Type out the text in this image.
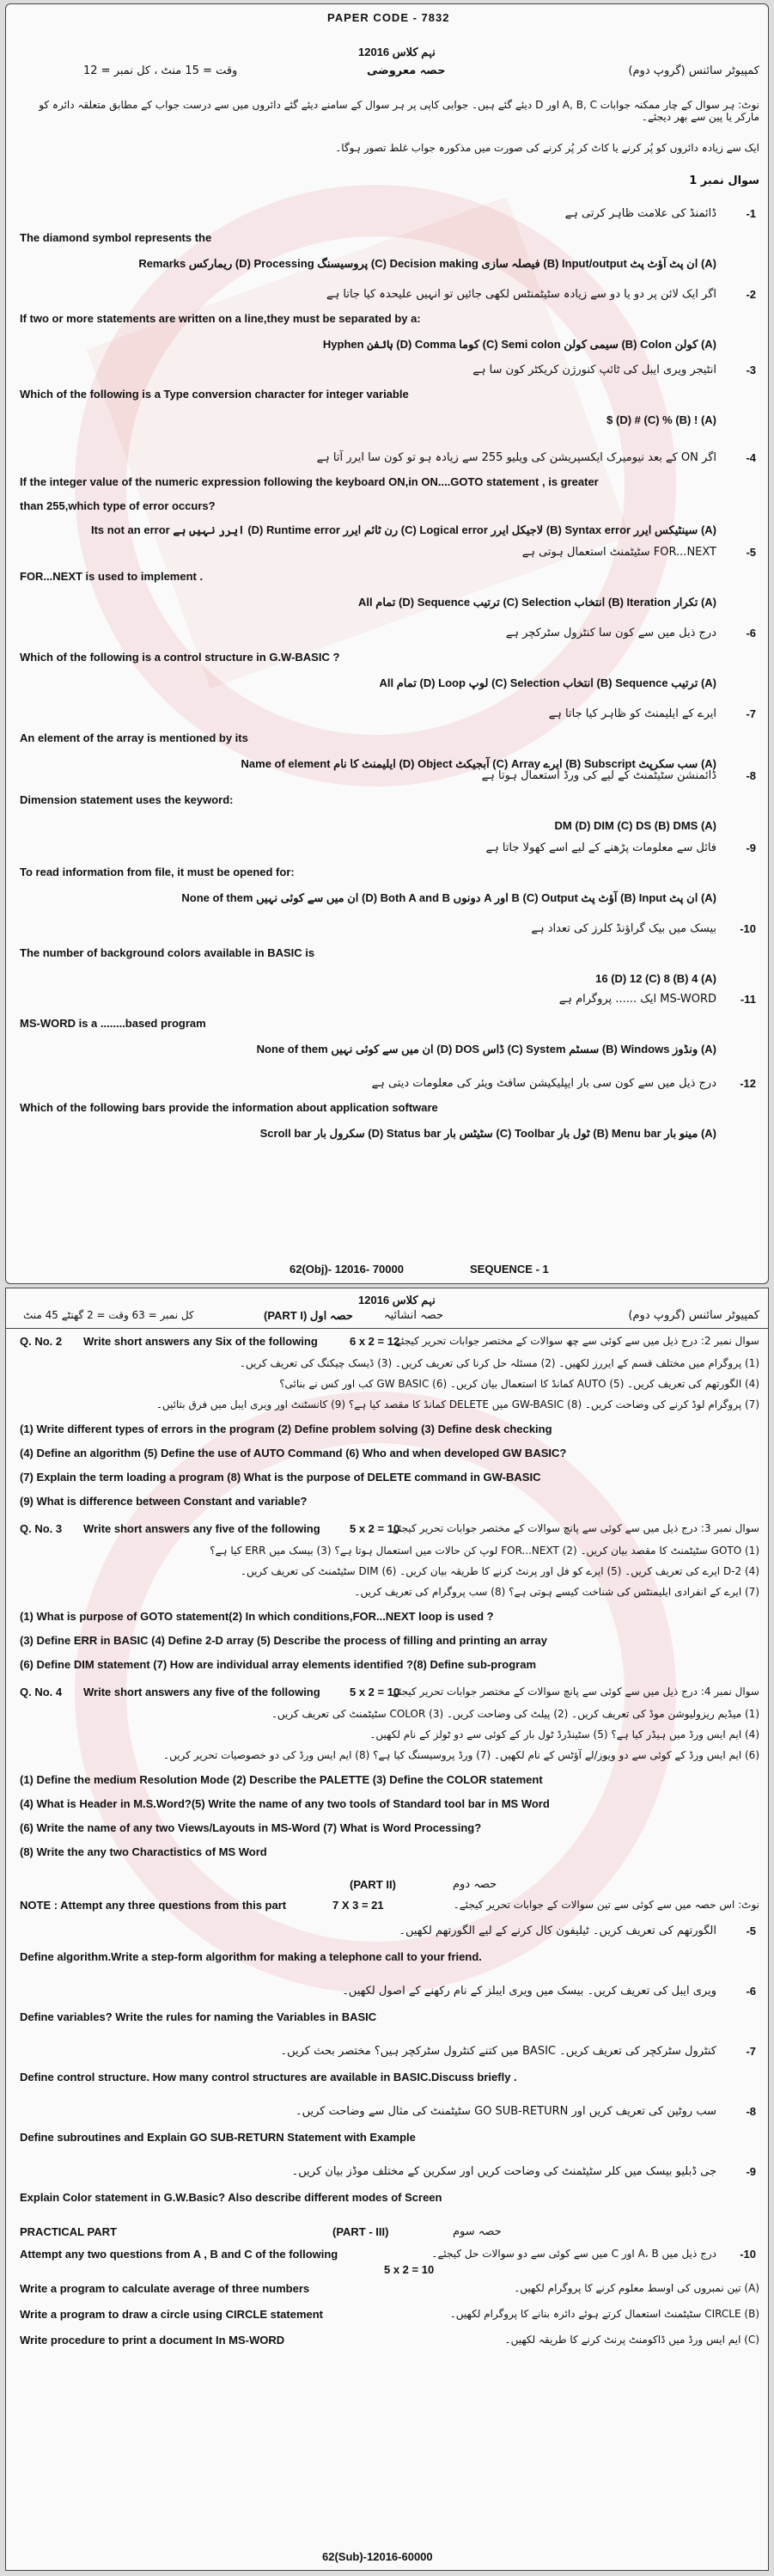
PAPER CODE - 7832
12016 ﻧﮩﻢ ﮐﻼس
کمپیوٹر سائنس (گروپ دوم)
حصہ معروضی
وقت = 15 منٹ ، کل نمبر = 12
نوٹ: ہر سوال کے چار ممکنہ جوابات A, B, C اور D دیئے گئے ہیں۔ جوابی کاپی پر ہر سوال کے سامنے دیئے گئے دائروں میں سے درست جواب کے مطابق متعلقہ دائرہ کو مارکر یا پین سے بھر دیجئے۔
ایک سے زیادہ دائروں کو پُر کرنے یا کاٹ کر پُر کرنے کی صورت میں مذکورہ جواب غلط تصور ہوگا۔
سوال نمبر 1
-1
ڈائمنڈ کی علامت ظاہر کرتی ہے
The diamond symbol represents the
Remarks ریمارکس (D) Processing پروسیسنگ (C) Decision making فیصلہ سازی (B) Input/output ان پٹ آؤٹ پٹ (A)
-2
اگر ایک لائن پر دو یا دو سے زیادہ سٹیٹمنٹس لکھی جائیں تو انہیں علیحدہ کیا جاتا ہے
If two or more statements are written on a line,they must be separated by a:
Hyphen ہائفن (D) Comma کوما (C) Semi colon سیمی کولن (B) Colon کولن (A)
-3
انٹیجر ویری ایبل کی ٹائپ کنورژن کریکٹر کون سا ہے
Which of the following is a Type conversion character for integer variable
$ (D) # (C) % (B) ! (A)
-4
اگر ON کے بعد نیومیرک ایکسپریشن کی ویلیو 255 سے زیادہ ہو تو کون سا ایرر آتا ہے
If the integer value of the numeric expression following the keyboard ON,in ON....GOTO statement , is greater
than 255,which type of error occurs?
Its not an error ایرر نہیں ہے (D) Runtime error رن ٹائم ایرر (C) Logical error لاجیکل ایرر (B) Syntax error سینٹیکس ایرر (A)
-5
FOR...NEXT سٹیٹمنٹ استعمال ہوتی ہے
FOR...NEXT is used to implement .
All تمام (D) Sequence ترتیب (C) Selection انتخاب (B) Iteration تکرار (A)
-6
درج ذیل میں سے کون سا کنٹرول سٹرکچر ہے
Which of the following is a control structure in G.W-BASIC ?
All تمام (D) Loop لوپ (C) Selection انتخاب (B) Sequence ترتیب (A)
-7
ایرے کے ایلیمنٹ کو ظاہر کیا جاتا ہے
An element of the array is mentioned by its
Name of element ایلیمنٹ کا نام (D) Object آبجیکٹ (C) Array ایرے (B) Subscript سب سکرپٹ (A)
-8
ڈائمنشن سٹیٹمنٹ کے لیے کی ورڈ استعمال ہوتا ہے
Dimension statement uses the keyword:
DM (D) DIM (C) DS (B) DMS (A)
-9
فائل سے معلومات پڑھنے کے لیے اسے کھولا جاتا ہے
To read information from file, it must be opened for:
None of them ان میں سے کوئی نہیں (D) Both A and B دونوں A اور B (C) Output آؤٹ پٹ (B) Input ان پٹ (A)
-10
بیسک میں بیک گراؤنڈ کلرز کی تعداد ہے
The number of background colors available in BASIC is
16 (D) 12 (C) 8 (B) 4 (A)
-11
MS-WORD ایک ...... پروگرام ہے
MS-WORD is a ........based program
None of them ان میں سے کوئی نہیں (D) DOS ڈاس (C) System سسٹم (B) Windows ونڈوز (A)
-12
درج ذیل میں سے کون سی بار ایپلیکیشن سافٹ ویئر کی معلومات دیتی ہے
Which of the following bars provide the information about application software
Scroll bar سکرول بار (D) Status bar سٹیٹس بار (C) Toolbar ٹول بار (B) Menu bar مینو بار (A)
62(Obj)- 12016- 70000	SEQUENCE - 1
12016 ﻧﮩﻢ ﮐﻼس
کمپیوٹر سائنس (گروپ دوم)
حصہ انشائیہ
(PART I) حصہ اول
کل نمبر = 63 وقت = 2 گھنٹے 45 منٹ
Q. No. 2 Write short answers any Six of the following	6 x 2 = 12
سوال نمبر 2: درج ذیل میں سے کوئی سے چھ سوالات کے مختصر جوابات تحریر کیجئے
(1) پروگرام میں مختلف قسم کے ایررز لکھیں۔ (2) مسئلہ حل کرنا کی تعریف کریں۔ (3) ڈیسک چیکنگ کی تعریف کریں۔
(4) الگورتھم کی تعریف کریں۔ (5) AUTO کمانڈ کا استعمال بیان کریں۔ (6) GW BASIC کب اور کس نے بنائی؟
(7) پروگرام لوڈ کرنے کی وضاحت کریں۔ (8) GW-BASIC میں DELETE کمانڈ کا مقصد کیا ہے؟ (9) کانسٹنٹ اور ویری ایبل میں فرق بتائیں۔
(1) Write different types of errors in the program (2) Define problem solving (3) Define desk checking
(4) Define an algorithm (5) Define the use of AUTO Command (6) Who and when developed GW BASIC?
(7) Explain the term loading a program (8) What is the purpose of DELETE command in GW-BASIC
(9) What is difference between Constant and variable?
Q. No. 3 Write short answers any five of the following	5 x 2 = 10
سوال نمبر 3: درج ذیل میں سے کوئی سے پانچ سوالات کے مختصر جوابات تحریر کیجئے
(1) GOTO سٹیٹمنٹ کا مقصد بیان کریں۔ (2) FOR...NEXT لوپ کن حالات میں استعمال ہوتا ہے؟ (3) بیسک میں ERR کیا ہے؟
(4) 2-D ایرے کی تعریف کریں۔ (5) ایرے کو فل اور پرنٹ کرنے کا طریقہ بیان کریں۔ (6) DIM سٹیٹمنٹ کی تعریف کریں۔
(7) ایرے کے انفرادی ایلیمنٹس کی شناخت کیسے ہوتی ہے؟ (8) سب پروگرام کی تعریف کریں۔
(1) What is purpose of GOTO statement(2) In which conditions,FOR...NEXT loop is used ?
(3) Define ERR in BASIC (4) Define 2-D array (5) Describe the process of filling and printing an array
(6) Define DIM statement (7) How are individual array elements identified ?(8) Define sub-program
Q. No. 4 Write short answers any five of the following	5 x 2 = 10
سوال نمبر 4: درج ذیل میں سے کوئی سے پانچ سوالات کے مختصر جوابات تحریر کیجئے
(1) میڈیم ریزولیوشن موڈ کی تعریف کریں۔ (2) پیلٹ کی وضاحت کریں۔ (3) COLOR سٹیٹمنٹ کی تعریف کریں۔
(4) ایم ایس ورڈ میں ہیڈر کیا ہے؟ (5) سٹینڈرڈ ٹول بار کے کوئی سے دو ٹولز کے نام لکھیں۔
(6) ایم ایس ورڈ کے کوئی سے دو ویوز/لے آؤٹس کے نام لکھیں۔ (7) ورڈ پروسیسنگ کیا ہے؟ (8) ایم ایس ورڈ کی دو خصوصیات تحریر کریں۔
(1) Define the medium Resolution Mode (2) Describe the PALETTE (3) Define the COLOR statement
(4) What is Header in M.S.Word?(5) Write the name of any two tools of Standard tool bar in MS Word
(6) Write the name of any two Views/Layouts in MS-Word (7) What is Word Processing?
(8) Write the any two Charactistics of MS Word
(PART II)	حصہ دوم
NOTE : Attempt any three questions from this part	7 X 3 = 21	نوٹ: اس حصہ میں سے کوئی سے تین سوالات کے جوابات تحریر کیجئے۔
-5
الگورتھم کی تعریف کریں۔ ٹیلیفون کال کرنے کے لیے الگورتھم لکھیں۔
Define algorithm.Write a step-form algorithm for making a telephone call to your friend.
-6
ویری ایبل کی تعریف کریں۔ بیسک میں ویری ایبلز کے نام رکھنے کے اصول لکھیں۔
Define variables? Write the rules for naming the Variables in BASIC
-7
کنٹرول سٹرکچر کی تعریف کریں۔ BASIC میں کتنے کنٹرول سٹرکچر ہیں؟ مختصر بحث کریں۔
Define control structure. How many control structures are available in BASIC.Discuss briefly .
-8
سب روٹین کی تعریف کریں اور GO SUB-RETURN سٹیٹمنٹ کی مثال سے وضاحت کریں۔
Define subroutines and Explain GO SUB-RETURN Statement with Example
-9
جی ڈبلیو بیسک میں کلر سٹیٹمنٹ کی وضاحت کریں اور سکرین کے مختلف موڈز بیان کریں۔
Explain Color statement in G.W.Basic? Also describe different modes of Screen
PRACTICAL PART	(PART - III)	حصہ سوم
-10
درج ذیل میں A، B اور C میں سے کوئی سے دو سوالات حل کیجئے۔
Attempt any two questions from A , B and C of the following
5 x 2 = 10
Write a program to calculate average of three numbers	(A) تین نمبروں کی اوسط معلوم کرنے کا پروگرام لکھیں۔
Write a program to draw a circle using CIRCLE statement	(B) CIRCLE سٹیٹمنٹ استعمال کرتے ہوئے دائرہ بنانے کا پروگرام لکھیں۔
Write procedure to print a document In MS-WORD	(C) ایم ایس ورڈ میں ڈاکومنٹ پرنٹ کرنے کا طریقہ لکھیں۔
62(Sub)-12016-60000
